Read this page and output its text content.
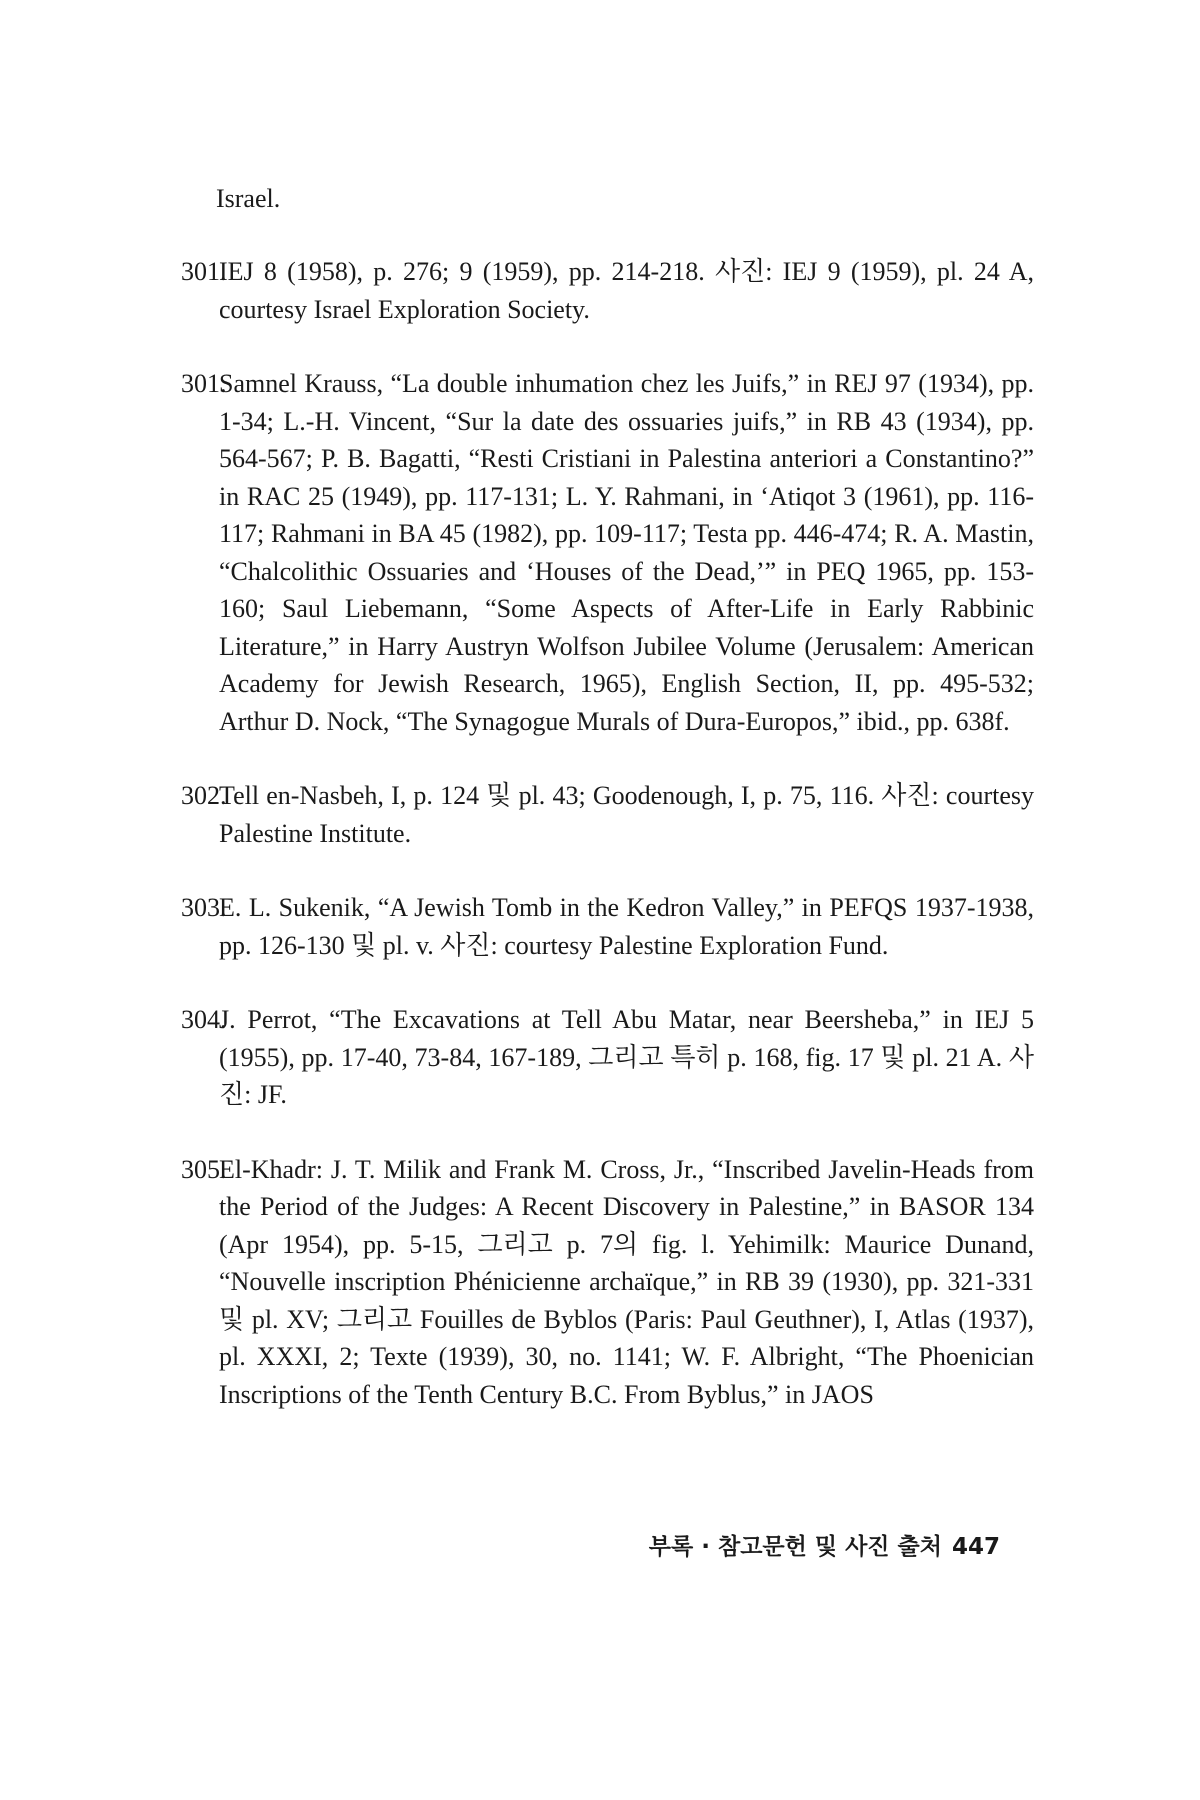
Israel.

301.
IEJ 8 (1958), p. 276; 9 (1959), pp. 214-218. 사진: IEJ 9 (1959), pl. 24 A, courtesy Israel Exploration Society.
301.
Samnel Krauss, “La double inhumation chez les Juifs,” in REJ 97 (1934), pp. 1-34; L.-H. Vincent, “Sur la date des ossuaries juifs,” in RB 43 (1934), pp. 564-567; P. B. Bagatti, “Resti Cristiani in Palestina anteriori a Constantino?” in RAC 25 (1949), pp. 117-131; L. Y. Rahmani, in ‘Atiqot 3 (1961), pp. 116-117; Rahmani in BA 45 (1982), pp. 109-117; Testa pp. 446-474; R. A. Mastin, “Chalcolithic Ossuaries and ‘Houses of the Dead,’” in PEQ 1965, pp. 153-160; Saul Liebemann, “Some Aspects of After-Life in Early Rabbinic Literature,” in Harry Austryn Wolfson Jubilee Volume (Jerusalem: American Academy for Jewish Research, 1965), English Section, II, pp. 495-532; Arthur D. Nock, “The Synagogue Murals of Dura-Europos,” ibid., pp. 638f.
302.
Tell en-Nasbeh, I, p. 124 및 pl. 43; Goodenough, I, p. 75, 116. 사진: courtesy Palestine Institute.
303.
E. L. Sukenik, “A Jewish Tomb in the Kedron Valley,” in PEFQS 1937-1938, pp. 126-130 및 pl. v. 사진: courtesy Palestine Exploration Fund.
304.
J. Perrot, “The Excavations at Tell Abu Matar, near Beersheba,” in IEJ 5 (1955), pp. 17-40, 73-84, 167-189, 그리고 특히 p. 168, fig. 17 및 pl. 21 A. 사진: JF.
305.
El-Khadr: J. T. Milik and Frank M. Cross, Jr., “Inscribed Javelin-Heads from the Period of the Judges: A Recent Discovery in Palestine,” in BASOR 134 (Apr 1954), pp. 5-15, 그리고 p. 7의 fig. l. Yehimilk: Maurice Dunand, “Nouvelle inscription Phénicienne archaïque,” in RB 39 (1930), pp. 321-331 및 pl. XV; 그리고 Fouilles de Byblos (Paris: Paul Geuthner), I, Atlas (1937), pl. XXXI, 2; Texte (1939), 30, no. 1141; W. F. Albright, “The Phoenician Inscriptions of the Tenth Century B.C. From Byblus,” in JAOS
부록 · 참고문헌 및 사진 출처 447
